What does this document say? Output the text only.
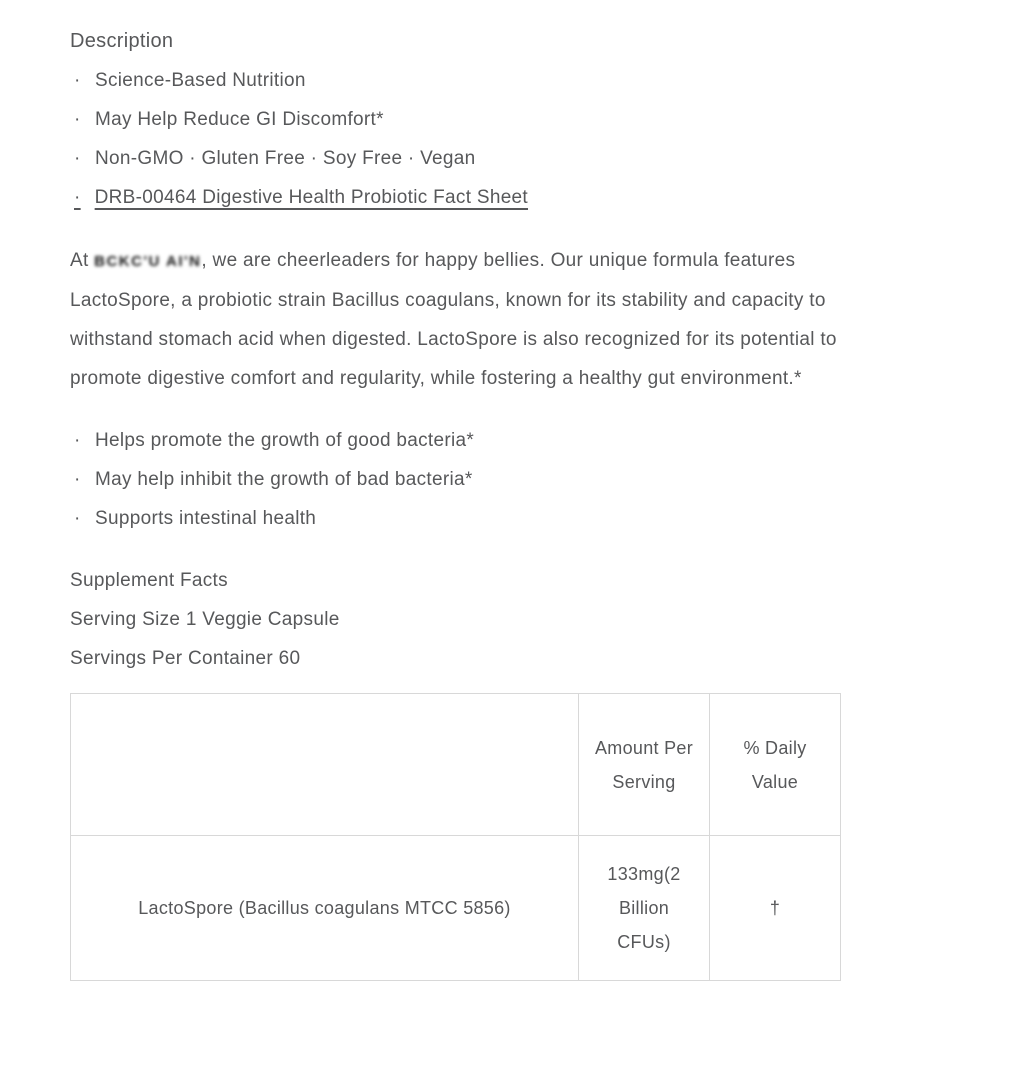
Description
· Science-Based Nutrition
· May Help Reduce GI Discomfort*
· Non-GMO · Gluten Free · Soy Free · Vegan
· DRB-00464 Digestive Health Probiotic Fact Sheet

At BCKC'U AI'N, we are cheerleaders for happy bellies. Our unique formula features LactoSpore, a probiotic strain Bacillus coagulans, known for its stability and capacity to withstand stomach acid when digested. LactoSpore is also recognized for its potential to promote digestive comfort and regularity, while fostering a healthy gut environment.*

· Helps promote the growth of good bacteria*
· May help inhibit the growth of bad bacteria*
· Supports intestinal health

Supplement Facts

Serving Size 1 Veggie Capsule

Servings Per Container 60

	Amount Per Serving	% Daily Value
LactoSpore (Bacillus coagulans MTCC 5856)	133mg(2 Billion CFUs)	†
